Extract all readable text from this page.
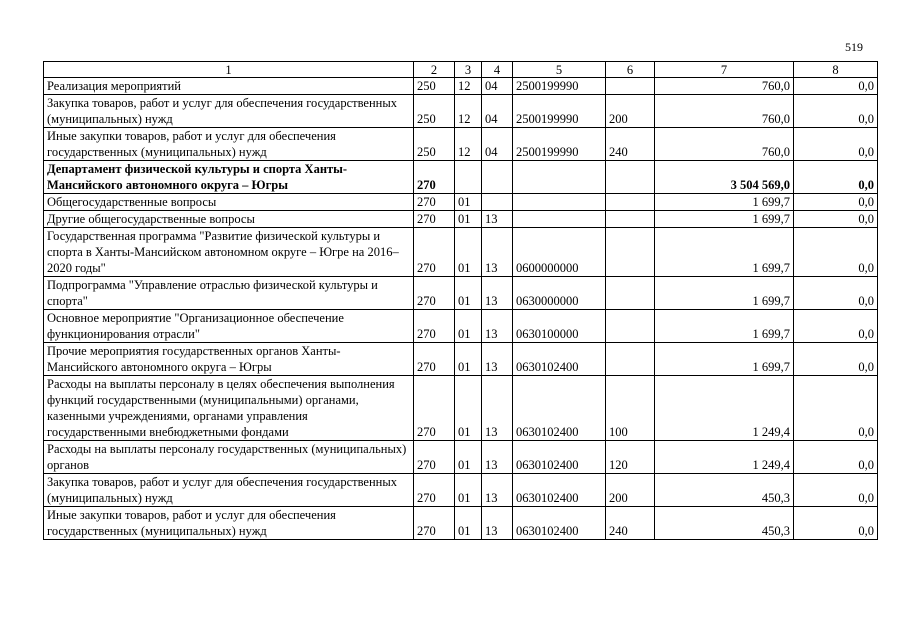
519
1	2	3	4	5	6	7	8
Реализация мероприятий	250	12	04	2500199990		760,0	0,0
Закупка товаров, работ и услуг для обеспечения государственных (муниципальных) нужд	250	12	04	2500199990	200	760,0	0,0
Иные закупки товаров, работ и услуг для обеспечения государственных (муниципальных) нужд	250	12	04	2500199990	240	760,0	0,0
Департамент физической культуры и спорта Ханты-Мансийского автономного округа – Югры	270					3 504 569,0	0,0
Общегосударственные вопросы	270	01				1 699,7	0,0
Другие общегосударственные вопросы	270	01	13			1 699,7	0,0
Государственная программа "Развитие физической культуры и спорта в Ханты-Мансийском автономном округе – Югре на 2016–2020 годы"	270	01	13	0600000000		1 699,7	0,0
Подпрограмма "Управление отраслью физической культуры и спорта"	270	01	13	0630000000		1 699,7	0,0
Основное мероприятие "Организационное обеспечение функционирования отрасли"	270	01	13	0630100000		1 699,7	0,0
Прочие мероприятия государственных органов Ханты-Мансийского автономного округа – Югры	270	01	13	0630102400		1 699,7	0,0
Расходы на выплаты персоналу в целях обеспечения выполнения функций государственными (муниципальными) органами, казенными учреждениями, органами управления государственными внебюджетными фондами	270	01	13	0630102400	100	1 249,4	0,0
Расходы на выплаты персоналу государственных (муниципальных) органов	270	01	13	0630102400	120	1 249,4	0,0
Закупка товаров, работ и услуг для обеспечения государственных (муниципальных) нужд	270	01	13	0630102400	200	450,3	0,0
Иные закупки товаров, работ и услуг для обеспечения государственных (муниципальных) нужд	270	01	13	0630102400	240	450,3	0,0
